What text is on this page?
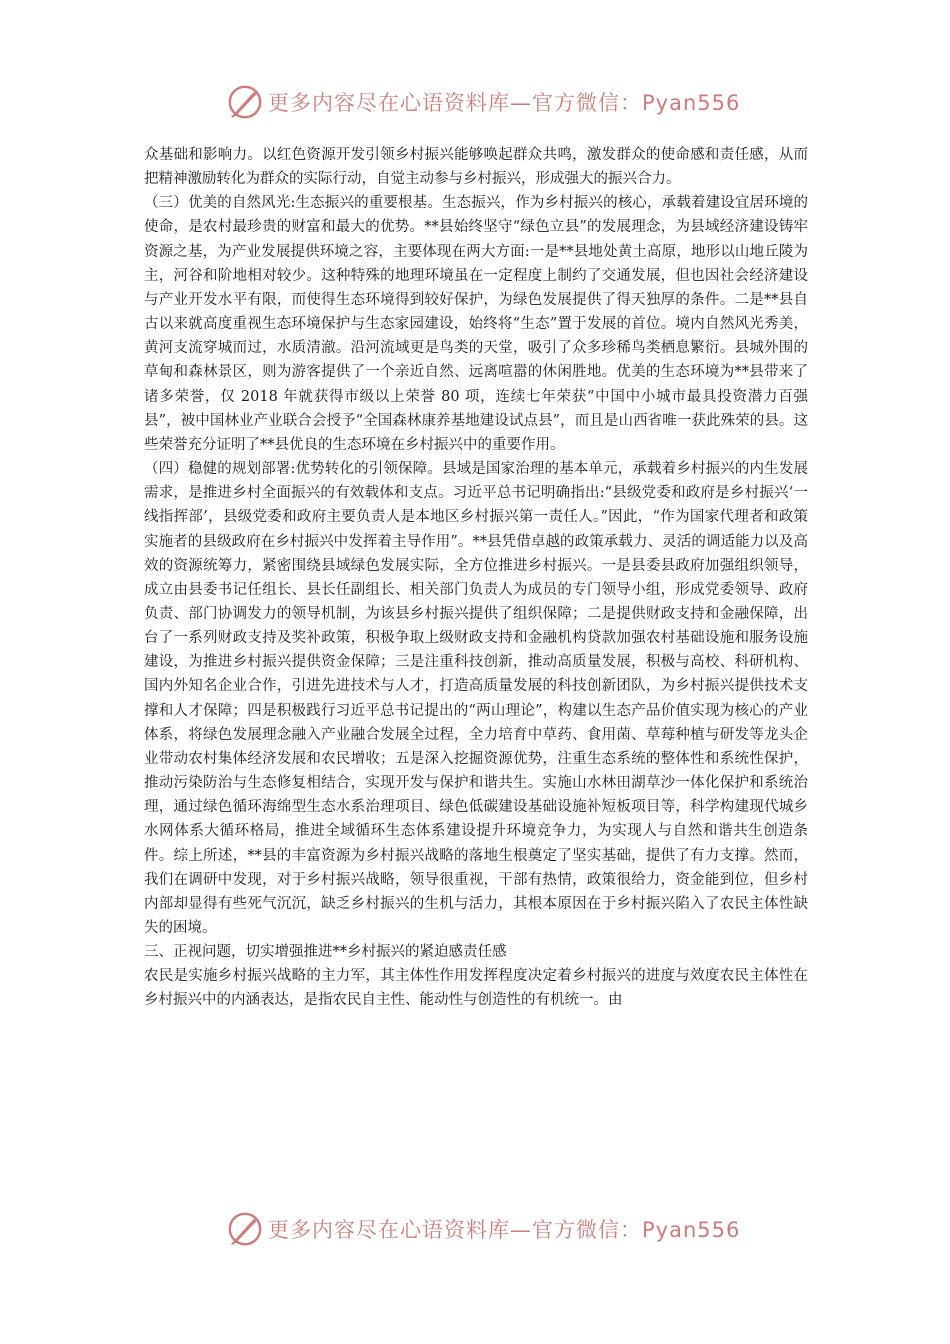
更多内容尽在心语资料库—官方微信：Pyan556

众基础和影响力。以红色资源开发引领乡村振兴能够唤起群众共鸣，激发群众的使命感和责任感，从而把精神激励转化为群众的实际行动，自觉主动参与乡村振兴，形成强大的振兴合力。

（三）优美的自然风光:生态振兴的重要根基。生态振兴，作为乡村振兴的核心，承载着建设宜居环境的使命，是农村最珍贵的财富和最大的优势。**县始终坚守“绿色立县”的发展理念，为县域经济建设铸牢资源之基，为产业发展提供环境之容，主要体现在两大方面:一是**县地处黄土高原，地形以山地丘陵为主，河谷和阶地相对较少。这种特殊的地理环境虽在一定程度上制约了交通发展，但也因社会经济建设与产业开发水平有限，而使得生态环境得到较好保护，为绿色发展提供了得天独厚的条件。二是**县自古以来就高度重视生态环境保护与生态家园建设，始终将“生态”置于发展的首位。境内自然风光秀美，黄河支流穿城而过，水质清澈。沿河流域更是鸟类的天堂，吸引了众多珍稀鸟类栖息繁衍。县城外围的草甸和森林景区，则为游客提供了一个亲近自然、远离喧嚣的休闲胜地。优美的生态环境为**县带来了诸多荣誉，仅 2018 年就获得市级以上荣誉 80 项，连续七年荣获“中国中小城市最具投资潜力百强县”，被中国林业产业联合会授予“全国森林康养基地建设试点县”，而且是山西省唯一获此殊荣的县。这些荣誉充分证明了**县优良的生态环境在乡村振兴中的重要作用。

（四）稳健的规划部署:优势转化的引领保障。县域是国家治理的基本单元，承载着乡村振兴的内生发展需求，是推进乡村全面振兴的有效载体和支点。习近平总书记明确指出:“县级党委和政府是乡村振兴‘一线指挥部’，县级党委和政府主要负责人是本地区乡村振兴第一责任人。”因此，“作为国家代理者和政策实施者的县级政府在乡村振兴中发挥着主导作用”。**县凭借卓越的政策承载力、灵活的调适能力以及高效的资源统筹力，紧密围绕县域绿色发展实际，全方位推进乡村振兴。一是县委县政府加强组织领导，成立由县委书记任组长、县长任副组长、相关部门负责人为成员的专门领导小组，形成党委领导、政府负责、部门协调发力的领导机制，为该县乡村振兴提供了组织保障；二是提供财政支持和金融保障，出台了一系列财政支持及奖补政策，积极争取上级财政支持和金融机构贷款加强农村基础设施和服务设施建设，为推进乡村振兴提供资金保障；三是注重科技创新，推动高质量发展，积极与高校、科研机构、国内外知名企业合作，引进先进技术与人才，打造高质量发展的科技创新团队，为乡村振兴提供技术支撑和人才保障；四是积极践行习近平总书记提出的“两山理论”，构建以生态产品价值实现为核心的产业体系，将绿色发展理念融入产业融合发展全过程，全力培育中草药、食用菌、草莓种植与研发等龙头企业带动农村集体经济发展和农民增收；五是深入挖掘资源优势，注重生态系统的整体性和系统性保护，推动污染防治与生态修复相结合，实现开发与保护和谐共生。实施山水林田湖草沙一体化保护和系统治理，通过绿色循环海绵型生态水系治理项目、绿色低碳建设基础设施补短板项目等，科学构建现代城乡水网体系大循环格局，推进全域循环生态体系建设提升环境竞争力，为实现人与自然和谐共生创造条件。综上所述，**县的丰富资源为乡村振兴战略的落地生根奠定了坚实基础，提供了有力支撑。然而，我们在调研中发现，对于乡村振兴战略，领导很重视，干部有热情，政策很给力，资金能到位，但乡村内部却显得有些死气沉沉，缺乏乡村振兴的生机与活力，其根本原因在于乡村振兴陷入了农民主体性缺失的困境。

三、正视问题，切实增强推进**乡村振兴的紧迫感责任感

农民是实施乡村振兴战略的主力军，其主体性作用发挥程度决定着乡村振兴的进度与效度农民主体性在乡村振兴中的内涵表达，是指农民自主性、能动性与创造性的有机统一。由

更多内容尽在心语资料库—官方微信：Pyan556
